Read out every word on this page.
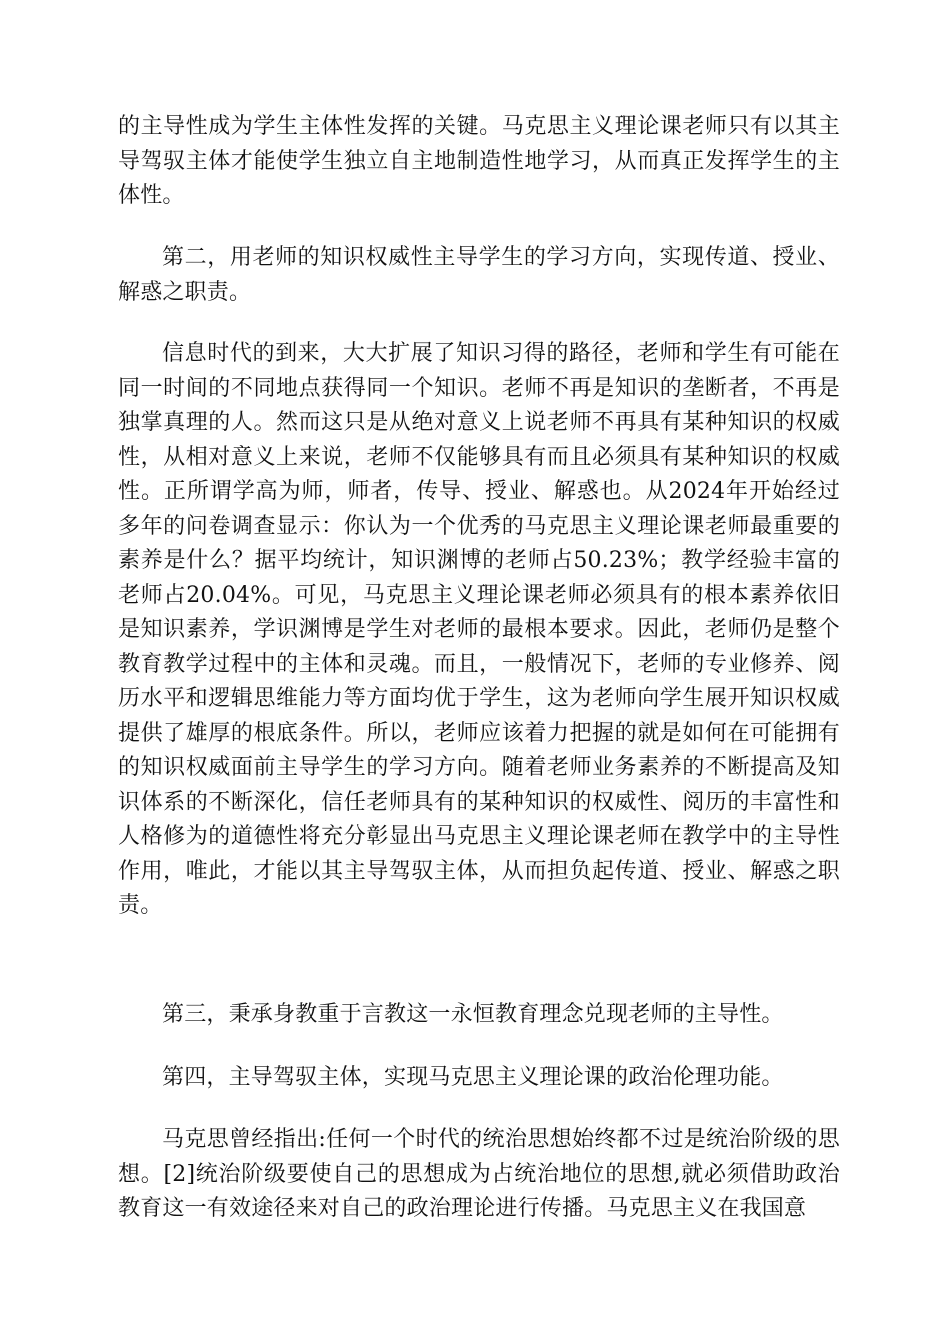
的主导性成为学生主体性发挥的关键。马克思主义理论课老师只有以其主导驾驭主体才能使学生独立自主地制造性地学习，从而真正发挥学生的主体性。

第二，用老师的知识权威性主导学生的学习方向，实现传道、授业、解惑之职责。

信息时代的到来，大大扩展了知识习得的路径，老师和学生有可能在同一时间的不同地点获得同一个知识。老师不再是知识的垄断者，不再是独掌真理的人。然而这只是从绝对意义上说老师不再具有某种知识的权威性，从相对意义上来说，老师不仅能够具有而且必须具有某种知识的权威性。正所谓学高为师，师者，传导、授业、解惑也。从2024年开始经过多年的问卷调查显示：你认为一个优秀的马克思主义理论课老师最重要的素养是什么？据平均统计，知识渊博的老师占50.23%；教学经验丰富的老师占20.04%。可见，马克思主义理论课老师必须具有的根本素养依旧是知识素养，学识渊博是学生对老师的最根本要求。因此，老师仍是整个教育教学过程中的主体和灵魂。而且，一般情况下，老师的专业修养、阅历水平和逻辑思维能力等方面均优于学生，这为老师向学生展开知识权威提供了雄厚的根底条件。所以，老师应该着力把握的就是如何在可能拥有的知识权威面前主导学生的学习方向。随着老师业务素养的不断提高及知识体系的不断深化，信任老师具有的某种知识的权威性、阅历的丰富性和人格修为的道德性将充分彰显出马克思主义理论课老师在教学中的主导性作用，唯此，才能以其主导驾驭主体，从而担负起传道、授业、解惑之职责。

第三，秉承身教重于言教这一永恒教育理念兑现老师的主导性。

第四，主导驾驭主体，实现马克思主义理论课的政治伦理功能。

马克思曾经指出:任何一个时代的统治思想始终都不过是统治阶级的思想。[2]统治阶级要使自己的思想成为占统治地位的思想,就必须借助政治教育这一有效途径来对自己的政治理论进行传播。马克思主义在我国意
